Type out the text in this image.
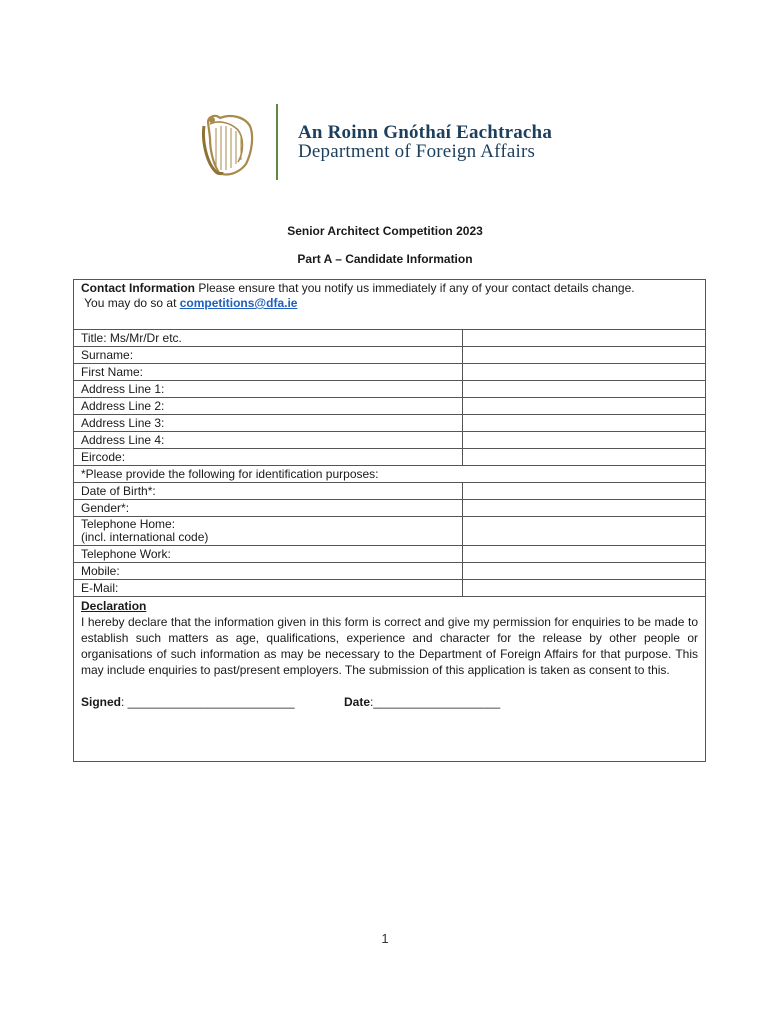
An Roinn Gnóthaí Eachtracha
Department of Foreign Affairs
Senior Architect Competition 2023
Part A – Candidate Information
Contact Information Please ensure that you notify us immediately if any of your contact details change.
You may do so at competitions@dfa.ie
Title: Ms/Mr/Dr etc.
Surname:
First Name:
Address Line 1:
Address Line 2:
Address Line 3:
Address Line 4:
Eircode:
*Please provide the following for identification purposes:
Date of Birth*:
Gender*:
Telephone Home:
(incl. international code)
Telephone Work:
Mobile:
E-Mail:
Declaration
I hereby declare that the information given in this form is correct and give my permission for enquiries to be made to establish such matters as age, qualifications, experience and character for the release by other people or organisations of such information as may be necessary to the Department of Foreign Affairs for that purpose. This may include enquiries to past/present employers. The submission of this application is taken as consent to this.
Signed: _________________________	Date:___________________
1
